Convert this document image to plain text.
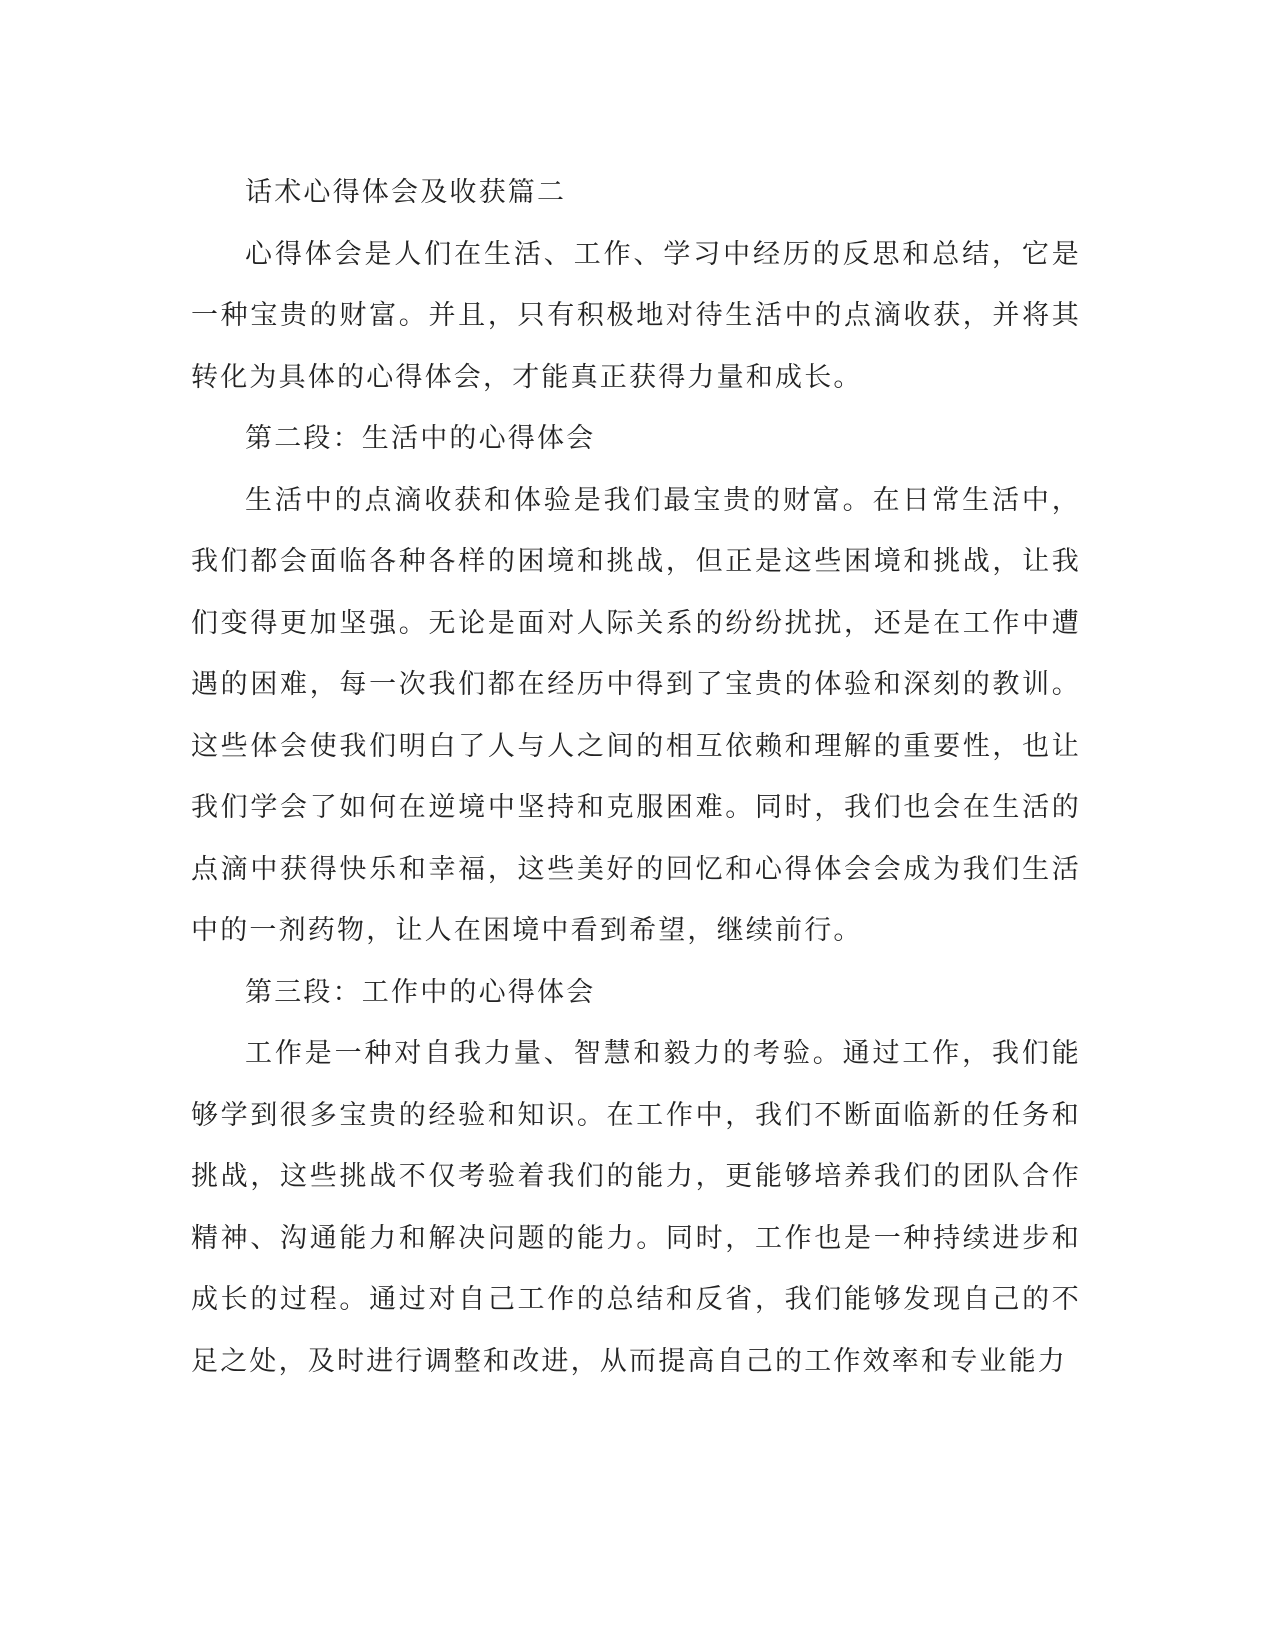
话术心得体会及收获篇二

心得体会是人们在生活、工作、学习中经历的反思和总结，它是一种宝贵的财富。并且，只有积极地对待生活中的点滴收获，并将其转化为具体的心得体会，才能真正获得力量和成长。

第二段：生活中的心得体会

生活中的点滴收获和体验是我们最宝贵的财富。在日常生活中，我们都会面临各种各样的困境和挑战，但正是这些困境和挑战，让我们变得更加坚强。无论是面对人际关系的纷纷扰扰，还是在工作中遭遇的困难，每一次我们都在经历中得到了宝贵的体验和深刻的教训。这些体会使我们明白了人与人之间的相互依赖和理解的重要性，也让我们学会了如何在逆境中坚持和克服困难。同时，我们也会在生活的点滴中获得快乐和幸福，这些美好的回忆和心得体会会成为我们生活中的一剂药物，让人在困境中看到希望，继续前行。

第三段：工作中的心得体会

工作是一种对自我力量、智慧和毅力的考验。通过工作，我们能够学到很多宝贵的经验和知识。在工作中，我们不断面临新的任务和挑战，这些挑战不仅考验着我们的能力，更能够培养我们的团队合作精神、沟通能力和解决问题的能力。同时，工作也是一种持续进步和成长的过程。通过对自己工作的总结和反省，我们能够发现自己的不足之处，及时进行调整和改进，从而提高自己的工作效率和专业能力
